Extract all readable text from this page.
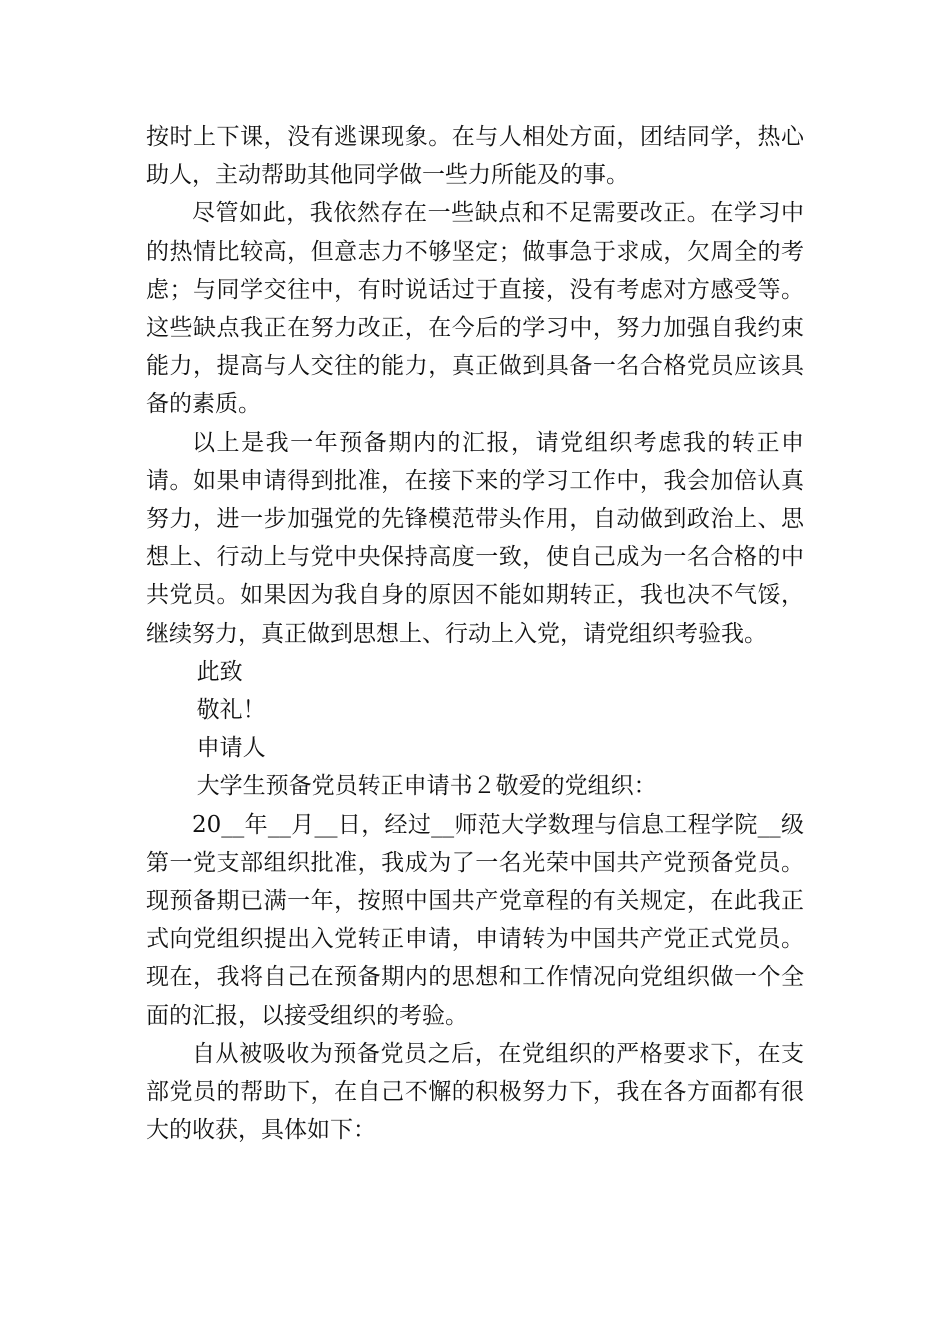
按时上下课，没有逃课现象。在与人相处方面，团结同学，热心助人，主动帮助其他同学做一些力所能及的事。

尽管如此，我依然存在一些缺点和不足需要改正。在学习中的热情比较高，但意志力不够坚定；做事急于求成，欠周全的考虑；与同学交往中，有时说话过于直接，没有考虑对方感受等。这些缺点我正在努力改正，在今后的学习中，努力加强自我约束能力，提高与人交往的能力，真正做到具备一名合格党员应该具备的素质。

以上是我一年预备期内的汇报，请党组织考虑我的转正申请。如果申请得到批准，在接下来的学习工作中，我会加倍认真努力，进一步加强党的先锋模范带头作用，自动做到政治上、思想上、行动上与党中央保持高度一致，使自己成为一名合格的中共党员。如果因为我自身的原因不能如期转正，我也决不气馁，继续努力，真正做到思想上、行动上入党，请党组织考验我。

此致

敬礼！

申请人

大学生预备党员转正申请书２敬爱的党组织：

20__年__月__日，经过__师范大学数理与信息工程学院__级第一党支部组织批准，我成为了一名光荣中国共产党预备党员。现预备期已满一年，按照中国共产党章程的有关规定，在此我正式向党组织提出入党转正申请，申请转为中国共产党正式党员。现在，我将自己在预备期内的思想和工作情况向党组织做一个全面的汇报，以接受组织的考验。

自从被吸收为预备党员之后，在党组织的严格要求下，在支部党员的帮助下，在自己不懈的积极努力下，我在各方面都有很大的收获，具体如下：
